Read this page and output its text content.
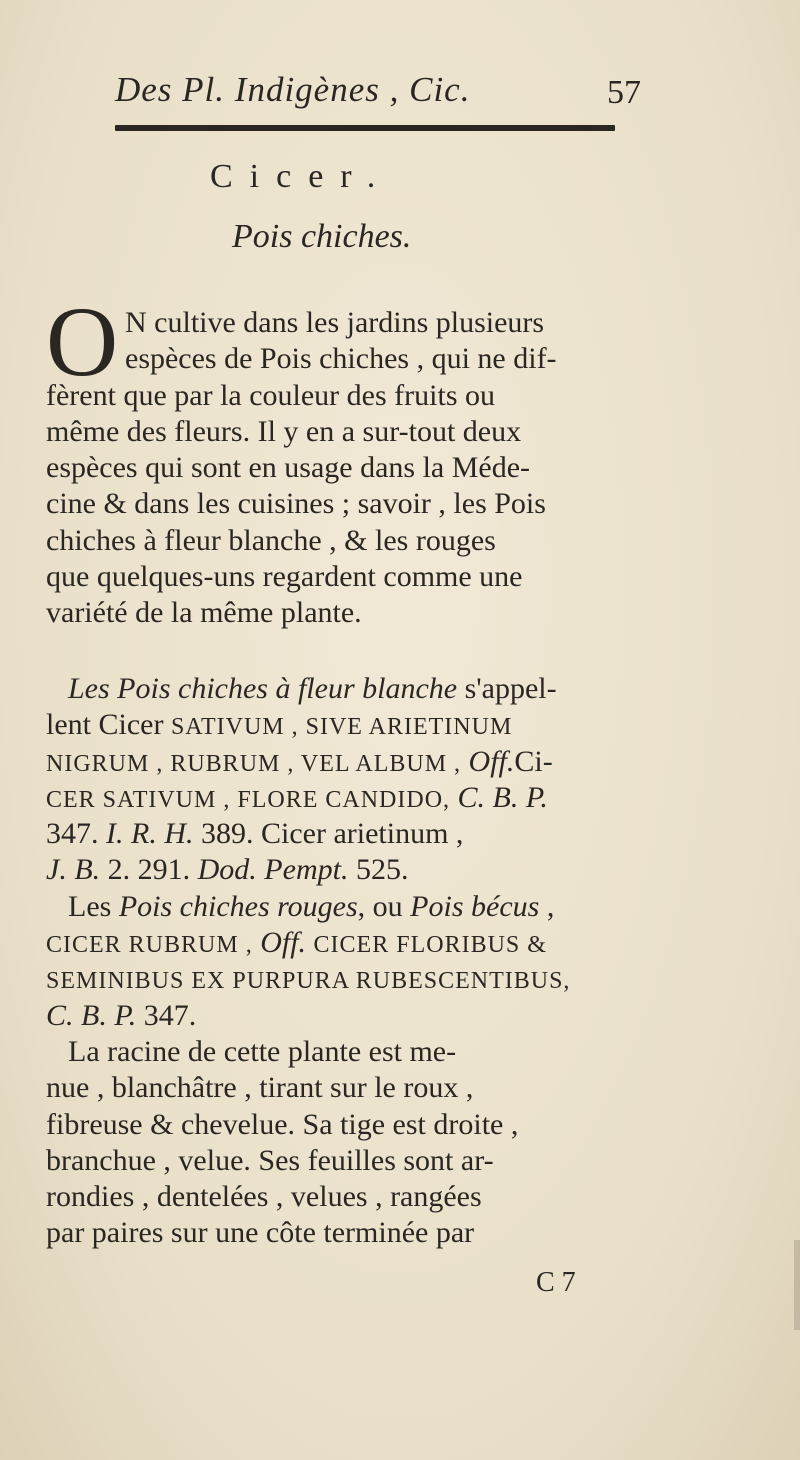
Des Pl. Indigènes , Cic.	57
Cicer.
Pois chiches.
O N cultive dans les jardins plusieurs
espèces de Pois chiches , qui ne dif-
fèrent que par la couleur des fruits ou
même des fleurs. Il y en a sur-tout deux
espèces qui sont en usage dans la Méde-
cine & dans les cuisines ; savoir , les Pois
chiches à fleur blanche , & les rouges
que quelques-uns regardent comme une
variété de la même plante.
Les Pois chiches à fleur blanche s'appel-
lent Cicer SATIVUM , SIVE ARIETINUM
NIGRUM , RUBRUM , VEL ALBUM , Off.Ci-
CER SATIVUM , FLORE CANDIDO, C. B. P.
347. I. R. H. 389. Cicer arietinum ,
J. B. 2. 291. Dod. Pempt. 525.
Les Pois chiches rouges, ou Pois bécus ,
CICER RUBRUM , Off. CICER FLORIBUS &
SEMINIBUS EX PURPURA RUBESCENTIBUS,
C. B. P. 347.
La racine de cette plante est me-
nue , blanchâtre , tirant sur le roux ,
fibreuse & chevelue. Sa tige est droite ,
branchue , velue. Ses feuilles sont ar-
rondies , dentelées , velues , rangées
par paires sur une côte terminée par
C 7
